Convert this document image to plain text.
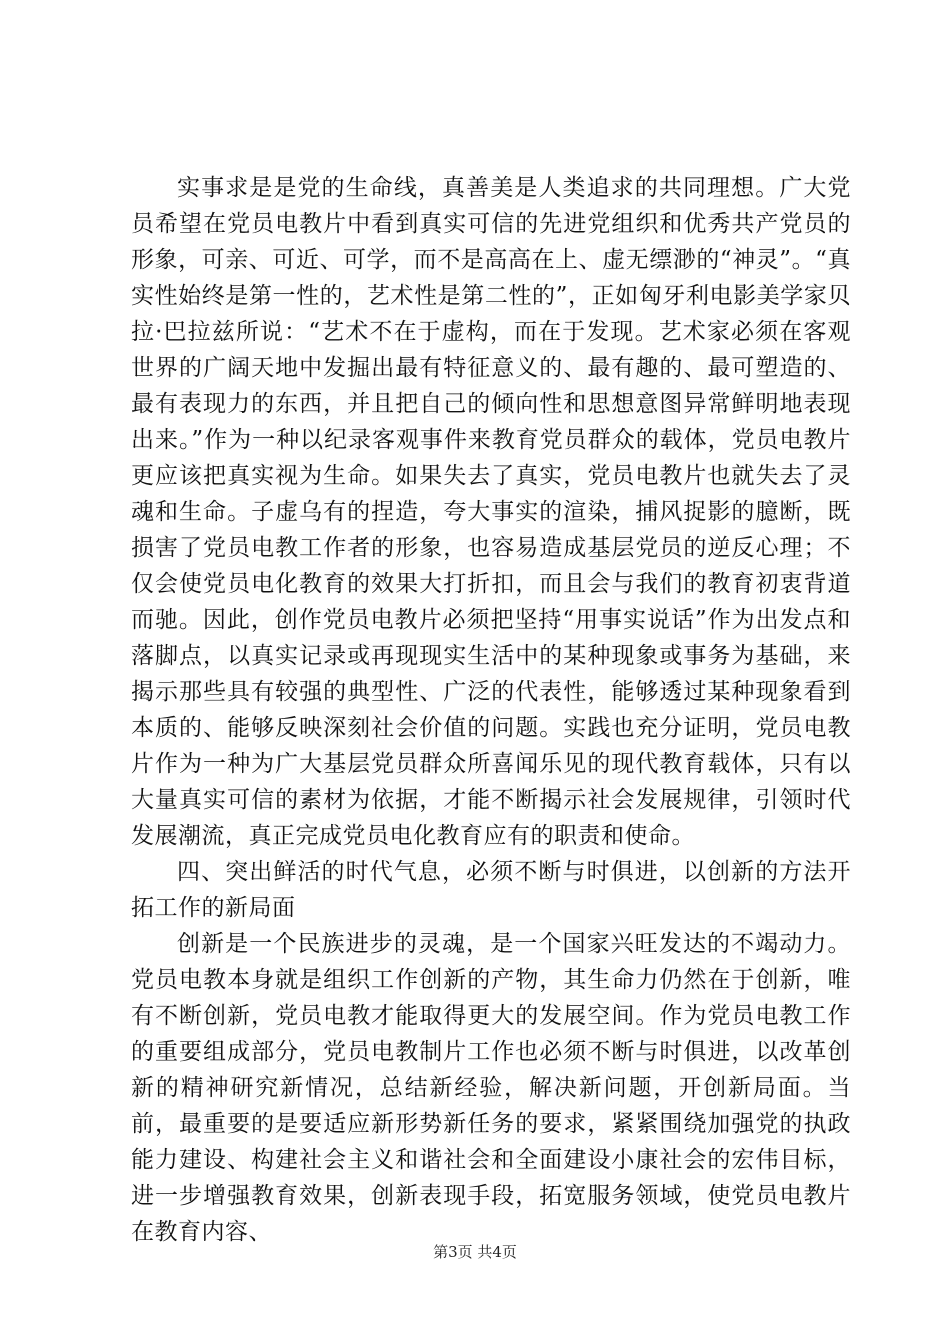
实事求是是党的生命线，真善美是人类追求的共同理想。广大党员希望在党员电教片中看到真实可信的先进党组织和优秀共产党员的形象，可亲、可近、可学，而不是高高在上、虚无缥渺的“神灵”。“真实性始终是第一性的，艺术性是第二性的”，正如匈牙利电影美学家贝拉·巴拉兹所说：“艺术不在于虚构，而在于发现。艺术家必须在客观世界的广阔天地中发掘出最有特征意义的、最有趣的、最可塑造的、最有表现力的东西，并且把自己的倾向性和思想意图异常鲜明地表现出来。”作为一种以纪录客观事件来教育党员群众的载体，党员电教片更应该把真实视为生命。如果失去了真实，党员电教片也就失去了灵魂和生命。子虚乌有的捏造，夸大事实的渲染，捕风捉影的臆断，既损害了党员电教工作者的形象，也容易造成基层党员的逆反心理；不仅会使党员电化教育的效果大打折扣，而且会与我们的教育初衷背道而驰。因此，创作党员电教片必须把坚持“用事实说话”作为出发点和落脚点，以真实记录或再现现实生活中的某种现象或事务为基础，来揭示那些具有较强的典型性、广泛的代表性，能够透过某种现象看到本质的、能够反映深刻社会价值的问题。实践也充分证明，党员电教片作为一种为广大基层党员群众所喜闻乐见的现代教育载体，只有以大量真实可信的素材为依据，才能不断揭示社会发展规律，引领时代发展潮流，真正完成党员电化教育应有的职责和使命。

四、突出鲜活的时代气息，必须不断与时俱进，以创新的方法开拓工作的新局面

创新是一个民族进步的灵魂，是一个国家兴旺发达的不竭动力。党员电教本身就是组织工作创新的产物，其生命力仍然在于创新，唯有不断创新，党员电教才能取得更大的发展空间。作为党员电教工作的重要组成部分，党员电教制片工作也必须不断与时俱进，以改革创新的精神研究新情况，总结新经验，解决新问题，开创新局面。当前，最重要的是要适应新形势新任务的要求，紧紧围绕加强党的执政能力建设、构建社会主义和谐社会和全面建设小康社会的宏伟目标，进一步增强教育效果，创新表现手段，拓宽服务领域，使党员电教片在教育内容、

第3页 共4页
